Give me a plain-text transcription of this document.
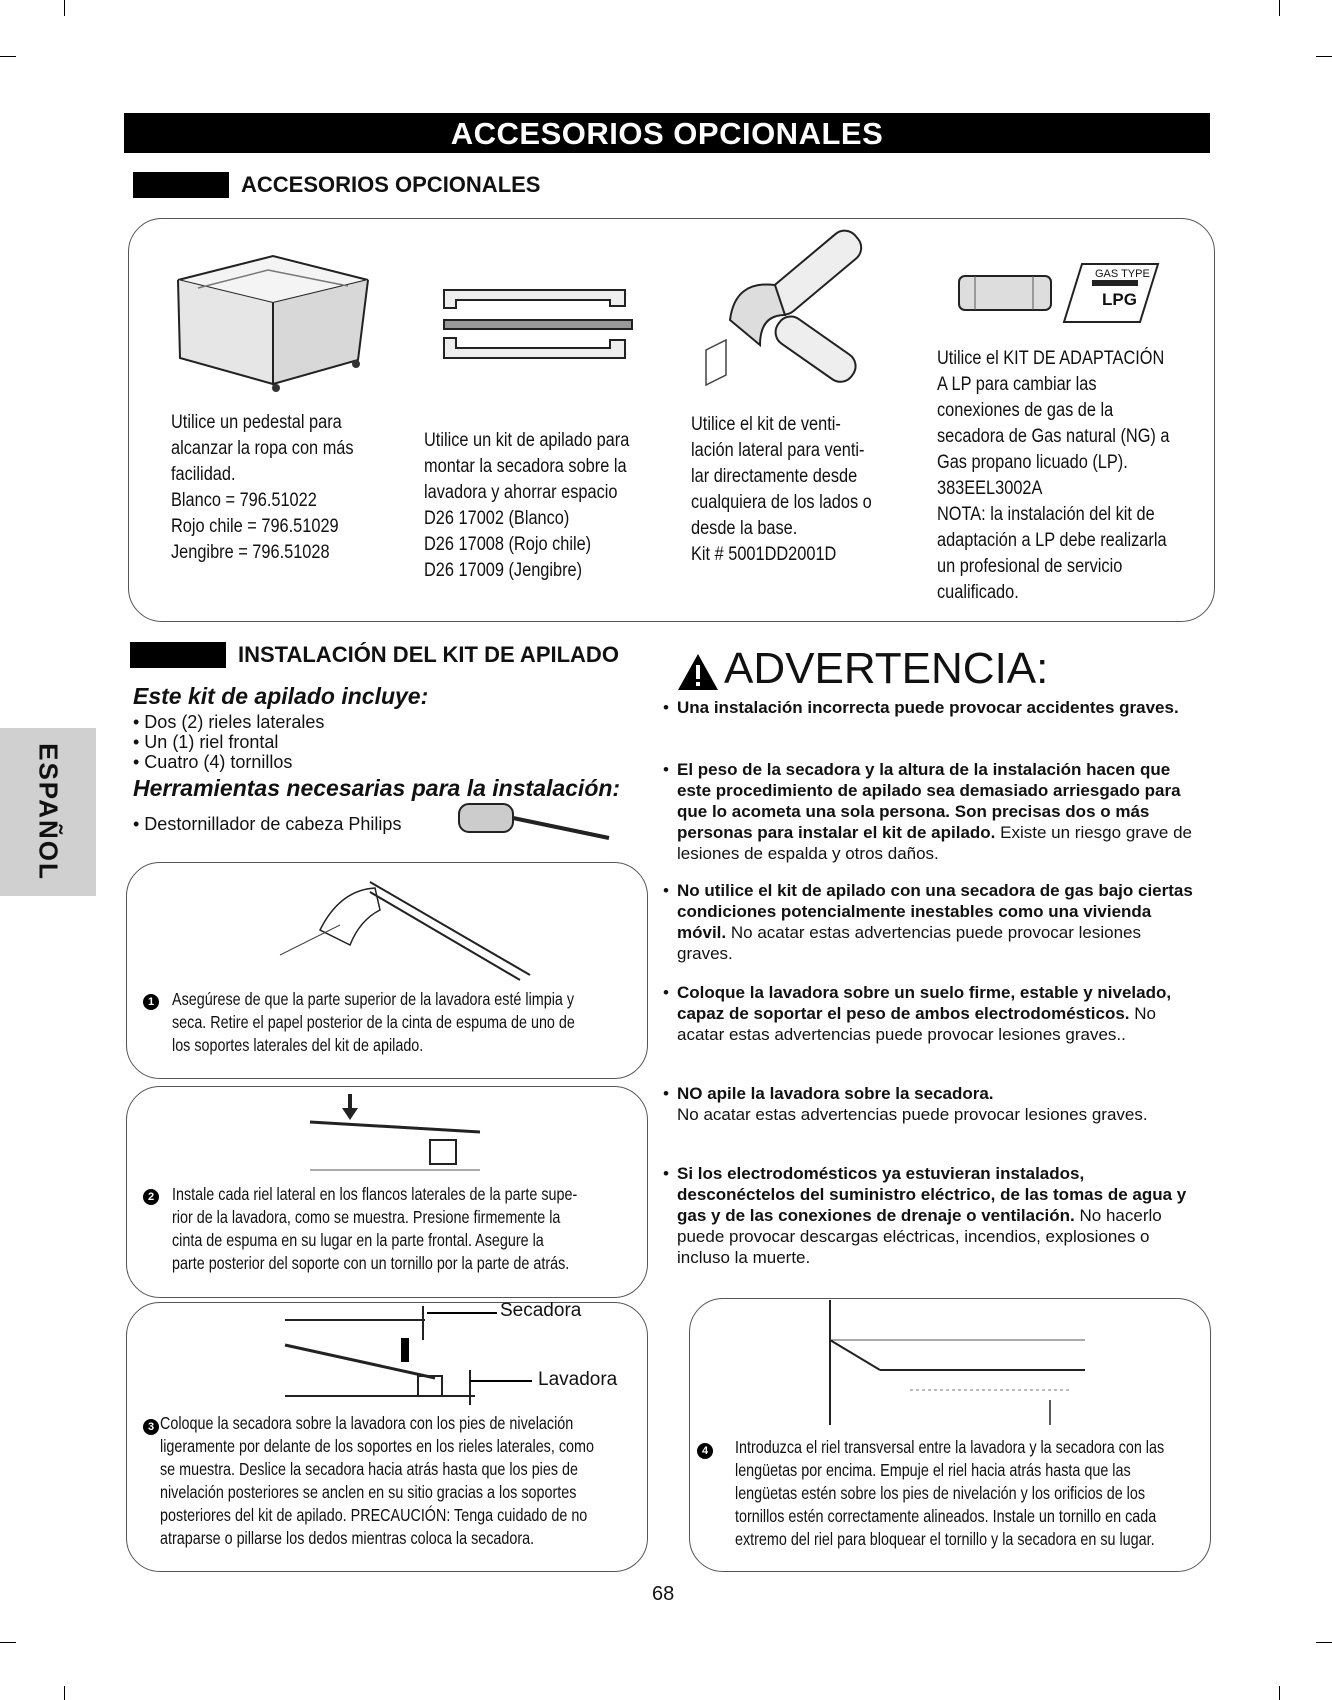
ACCESORIOS OPCIONALES
ACCESORIOS OPCIONALES
GAS TYPE
LPG
Utilice un pedestal para
alcanzar la ropa con más
facilidad.
Blanco = 796.51022
Rojo chile = 796.51029
Jengibre = 796.51028
Utilice un kit de apilado para
montar la secadora sobre la
lavadora y ahorrar espacio
D26 17002 (Blanco)
D26 17008 (Rojo chile)
D26 17009 (Jengibre)
Utilice el kit de venti-
lación lateral para venti-
lar directamente desde
cualquiera de los lados o
desde la base.
Kit # 5001DD2001D
Utilice el KIT DE ADAPTACIÓN
A LP para cambiar las
conexiones de gas de la
secadora de Gas natural (NG) a
Gas propano licuado (LP).
383EEL3002A
NOTA: la instalación del kit de
adaptación a LP debe realizarla
un profesional de servicio
cualificado.
ESPAÑOL
INSTALACIÓN DEL KIT DE APILADO
Este kit de apilado incluye:
• Dos (2) rieles laterales
• Un (1) riel frontal
• Cuatro (4) tornillos
Herramientas necesarias para la instalación:
• Destornillador de cabeza Philips
1 Asegúrese de que la parte superior de la lavadora esté limpia y
seca. Retire el papel posterior de la cinta de espuma de uno de
los soportes laterales del kit de apilado.
2 Instale cada riel lateral en los flancos laterales de la parte supe-
rior de la lavadora, como se muestra. Presione firmemente la
cinta de espuma en su lugar en la parte frontal. Asegure la
parte posterior del soporte con un tornillo por la parte de atrás.
Secadora
Lavadora
3 Coloque la secadora sobre la lavadora con los pies de nivelación
ligeramente por delante de los soportes en los rieles laterales, como
se muestra. Deslice la secadora hacia atrás hasta que los pies de
nivelación posteriores se anclen en su sitio gracias a los soportes
posteriores del kit de apilado. PRECAUCIÓN: Tenga cuidado de no
atraparse o pillarse los dedos mientras coloca la secadora.
ADVERTENCIA:
• Una instalación incorrecta puede provocar accidentes graves.
• El peso de la secadora y la altura de la instalación hacen que este procedimiento de apilado sea demasiado arriesgado para que lo acometa una sola persona. Son precisas dos o más personas para instalar el kit de apilado. Existe un riesgo grave de lesiones de espalda y otros daños.
• No utilice el kit de apilado con una secadora de gas bajo ciertas condiciones potencialmente inestables como una vivienda móvil. No acatar estas advertencias puede provocar lesiones graves.
• Coloque la lavadora sobre un suelo firme, estable y nivelado, capaz de soportar el peso de ambos electrodomésticos. No acatar estas advertencias puede provocar lesiones graves..
• NO apile la lavadora sobre la secadora.
No acatar estas advertencias puede provocar lesiones graves.
• Si los electrodomésticos ya estuvieran instalados, desconéctelos del suministro eléctrico, de las tomas de agua y gas y de las conexiones de drenaje o ventilación. No hacerlo puede provocar descargas eléctricas, incendios, explosiones o incluso la muerte.
4 Introduzca el riel transversal entre la lavadora y la secadora con las
lengüetas por encima. Empuje el riel hacia atrás hasta que las
lengüetas estén sobre los pies de nivelación y los orificios de los
tornillos estén correctamente alineados. Instale un tornillo en cada
extremo del riel para bloquear el tornillo y la secadora en su lugar.
68
